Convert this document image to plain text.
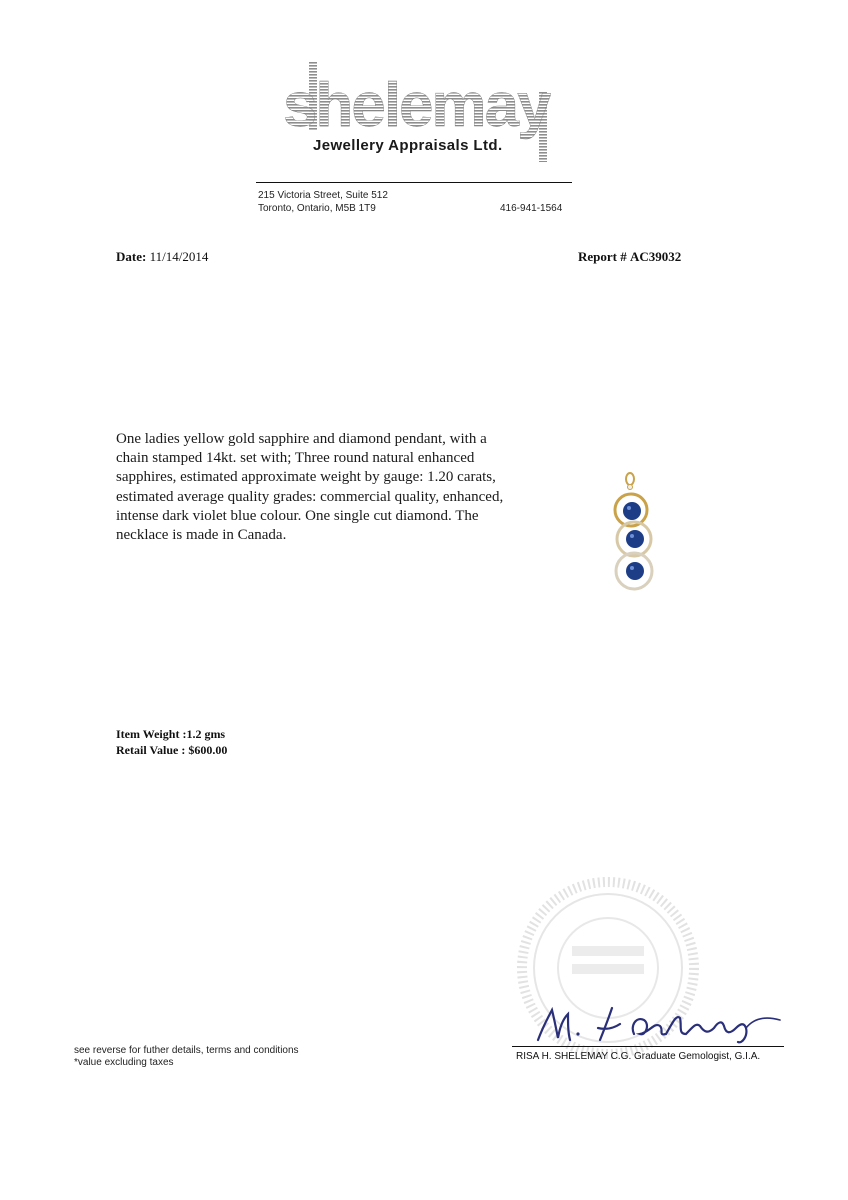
shelemay
Jewellery Appraisals Ltd.
215 Victoria Street, Suite 512
Toronto, Ontario, M5B 1T9	416-941-1564
Date: 11/14/2014	Report # AC39032
One ladies yellow gold sapphire and diamond pendant, with a chain stamped 14kt. set with; Three round natural enhanced sapphires, estimated approximate weight by gauge: 1.20 carats, estimated average quality grades: commercial quality, enhanced, intense dark violet blue colour. One single cut diamond. The necklace is made in Canada.
Item Weight :1.2 gms
Retail Value : $600.00
RISA H. SHELEMAY C.G. Graduate Gemologist, G.I.A.
see reverse for futher details, terms and conditions
*value excluding taxes
